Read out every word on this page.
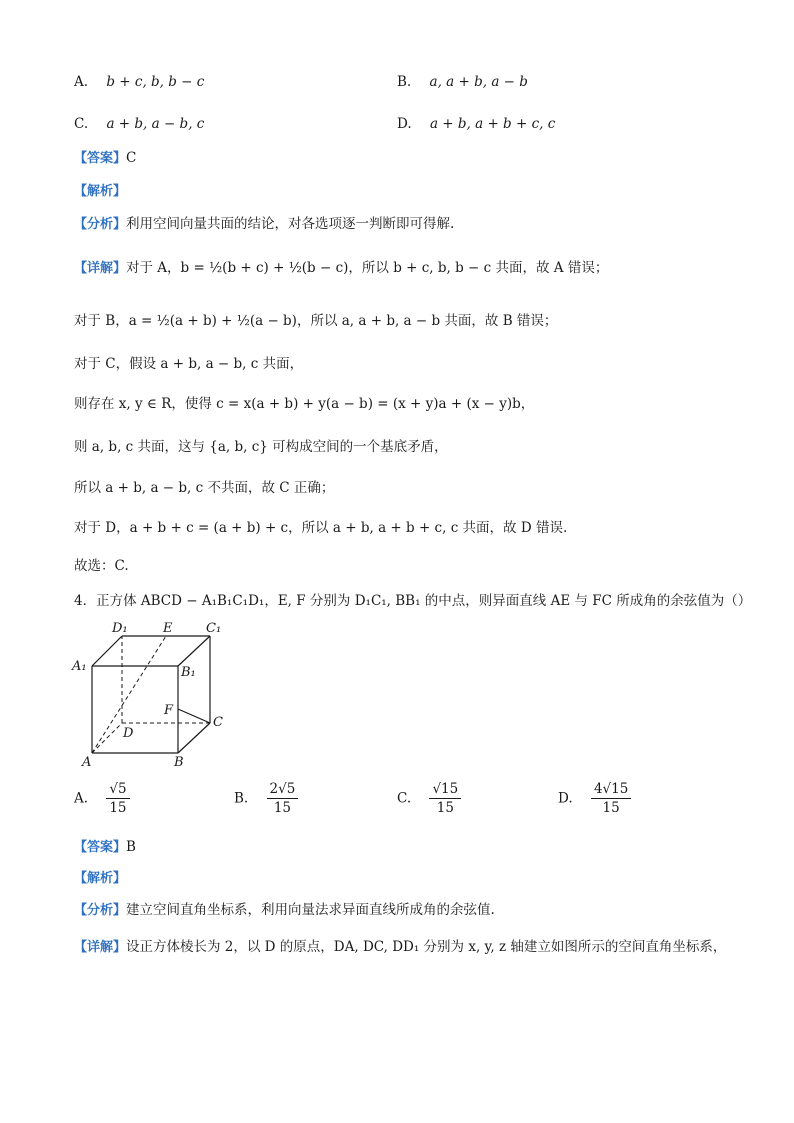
A. b + c, b, b − c	B. a, a + b, a − b
C. a + b, a − b, c	D. a + b, a + b + c, c
【答案】C
【解析】
【分析】利用空间向量共面的结论，对各选项逐一判断即可得解.
【详解】对于 A，b = ½(b + c) + ½(b − c)，所以 b + c, b, b − c 共面，故 A 错误；
对于 B，a = ½(a + b) + ½(a − b)，所以 a, a + b, a − b 共面，故 B 错误；
对于 C，假设 a + b, a − b, c 共面，
则存在 x, y ∈ R，使得 c = x(a + b) + y(a − b) = (x + y)a + (x − y)b，
则 a, b, c 共面，这与 {a, b, c} 可构成空间的一个基底矛盾，
所以 a + b, a − b, c 不共面，故 C 正确；
对于 D，a + b + c = (a + b) + c，所以 a + b, a + b + c, c 共面，故 D 错误.
故选：C.
4．正方体 ABCD − A₁B₁C₁D₁，E, F 分别为 D₁C₁, BB₁ 的中点，则异面直线 AE 与 FC 所成角的余弦值为（）
D₁	E	C₁
A₁	B₁
F
C
D
A	B
A. $\frac{√5}{15}$	B. $\frac{2√5}{15}$	C. $\frac{√15}{15}$	D. $\frac{4√15}{15}$
【答案】B
【解析】
【分析】建立空间直角坐标系，利用向量法求异面直线所成角的余弦值.
【详解】设正方体棱长为 2，以 D 的原点，DA, DC, DD₁ 分别为 x, y, z 轴建立如图所示的空间直角坐标系，
